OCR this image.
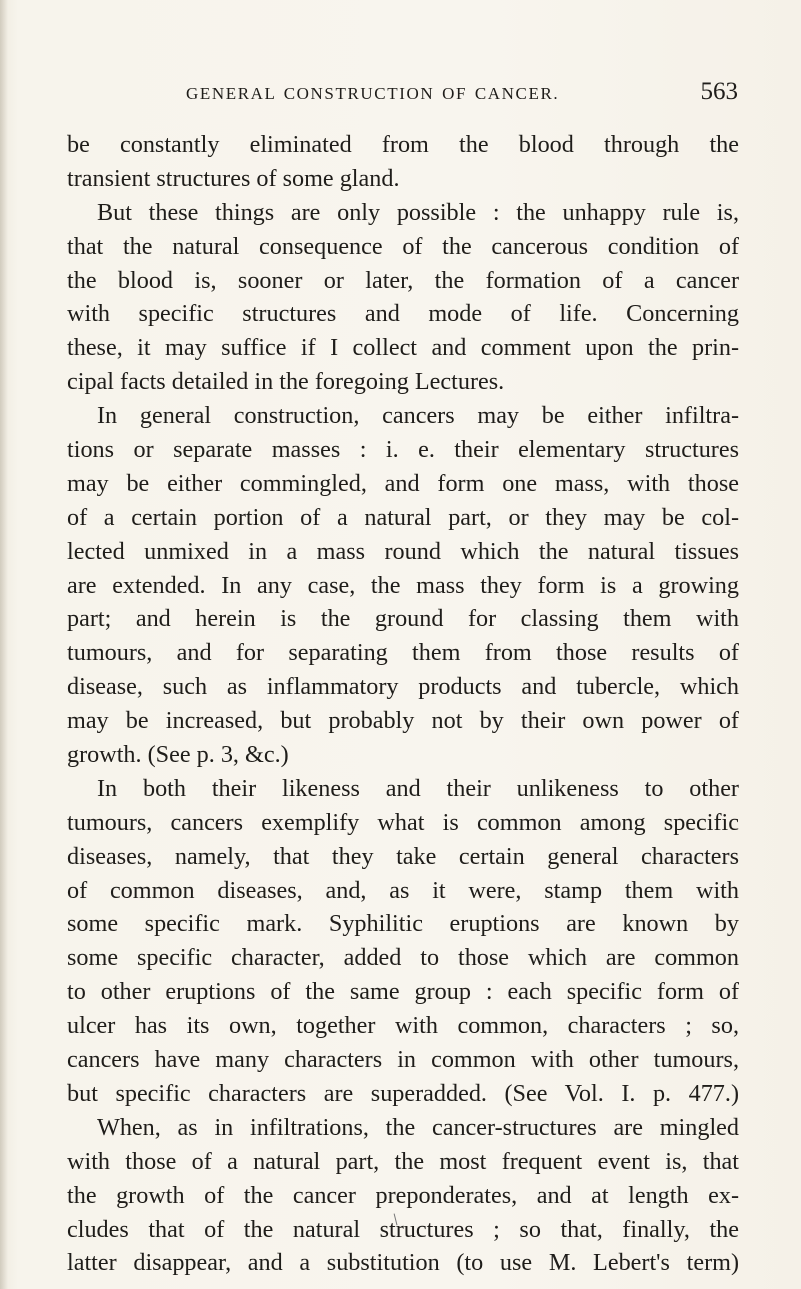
GENERAL CONSTRUCTION OF CANCER.	563
be constantly eliminated from the blood through the
transient structures of some gland.
But these things are only possible : the unhappy rule is,
that the natural consequence of the cancerous condition of
the blood is, sooner or later, the formation of a cancer
with specific structures and mode of life. Concerning
these, it may suffice if I collect and comment upon the prin-
cipal facts detailed in the foregoing Lectures.
In general construction, cancers may be either infiltra-
tions or separate masses : i. e. their elementary structures
may be either commingled, and form one mass, with those
of a certain portion of a natural part, or they may be col-
lected unmixed in a mass round which the natural tissues
are extended. In any case, the mass they form is a growing
part; and herein is the ground for classing them with
tumours, and for separating them from those results of
disease, such as inflammatory products and tubercle, which
may be increased, but probably not by their own power of
growth. (See p. 3, &c.)
In both their likeness and their unlikeness to other
tumours, cancers exemplify what is common among specific
diseases, namely, that they take certain general characters
of common diseases, and, as it were, stamp them with
some specific mark. Syphilitic eruptions are known by
some specific character, added to those which are common
to other eruptions of the same group : each specific form of
ulcer has its own, together with common, characters ; so,
cancers have many characters in common with other tumours,
but specific characters are superadded. (See Vol. I. p. 477.)
When, as in infiltrations, the cancer-structures are mingled
with those of a natural part, the most frequent event is, that
the growth of the cancer preponderates, and at length ex-
cludes that of the natural structures ; so that, finally, the
latter disappear, and a substitution (to use M. Lebert's term)
